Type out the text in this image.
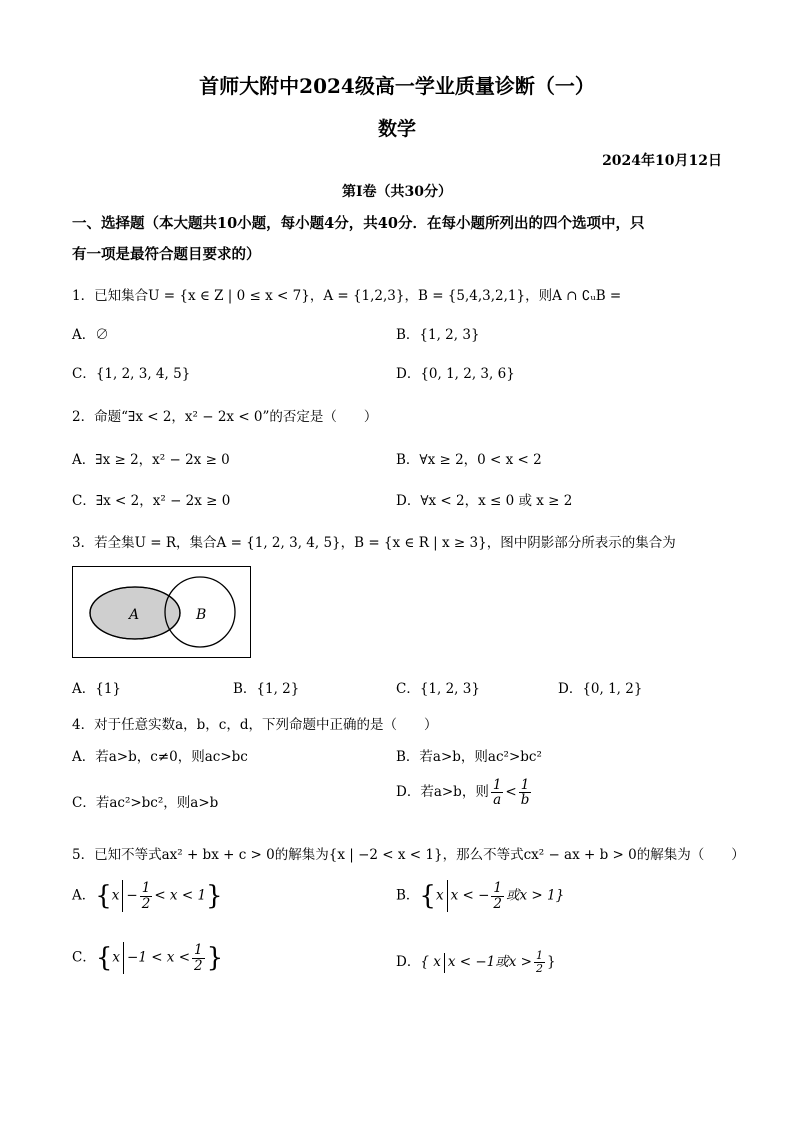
首师大附中2024级高一学业质量诊断（一）
数学
2024年10月12日
第Ⅰ卷（共30分）
一、选择题（本大题共10小题，每小题4分，共40分．在每小题所列出的四个选项中，只
有一项是最符合题目要求的）
1．已知集合U = {x ∈ Z | 0 ≤ x < 7}，A = {1,2,3}，B = {5,4,3,2,1}，则A ∩ ∁ᵤB =
A．∅	B．{1, 2, 3}
C．{1, 2, 3, 4, 5}	D．{0, 1, 2, 3, 6}
2．命题“∃x < 2，x² − 2x < 0”的否定是（　　）
A．∃x ≥ 2，x² − 2x ≥ 0	B．∀x ≥ 2，0 < x < 2
C．∃x < 2，x² − 2x ≥ 0	D．∀x < 2，x ≤ 0 或 x ≥ 2
3．若全集U = R，集合A = {1, 2, 3, 4, 5}，B = {x ∈ R | x ≥ 3}，图中阴影部分所表示的集合为
A	B
A．{1}	B．{1, 2}	C．{1, 2, 3}	D．{0, 1, 2}
4．对于任意实数a，b，c，d，下列命题中正确的是（　　）
A．若a>b，c≠0，则ac>bc	B．若a>b，则ac²>bc²
C．若ac²>bc²，则a>b
D．若a>b，则 $\frac{1}{a} < \frac{1}{b}$
5．已知不等式ax² + bx + c > 0的解集为{x | −2 < x < 1}，那么不等式cx² − ax + b > 0的解集为（　　）
A．$\{x - \frac{1}{2} < x < 1\}$	B．{x x < − $\frac{1}{2}$ 或x > 1}
C．{$x -1 < x < \frac{1}{2}$ }	D．{ x x < −1或$x > \frac{1}{2}$ }
